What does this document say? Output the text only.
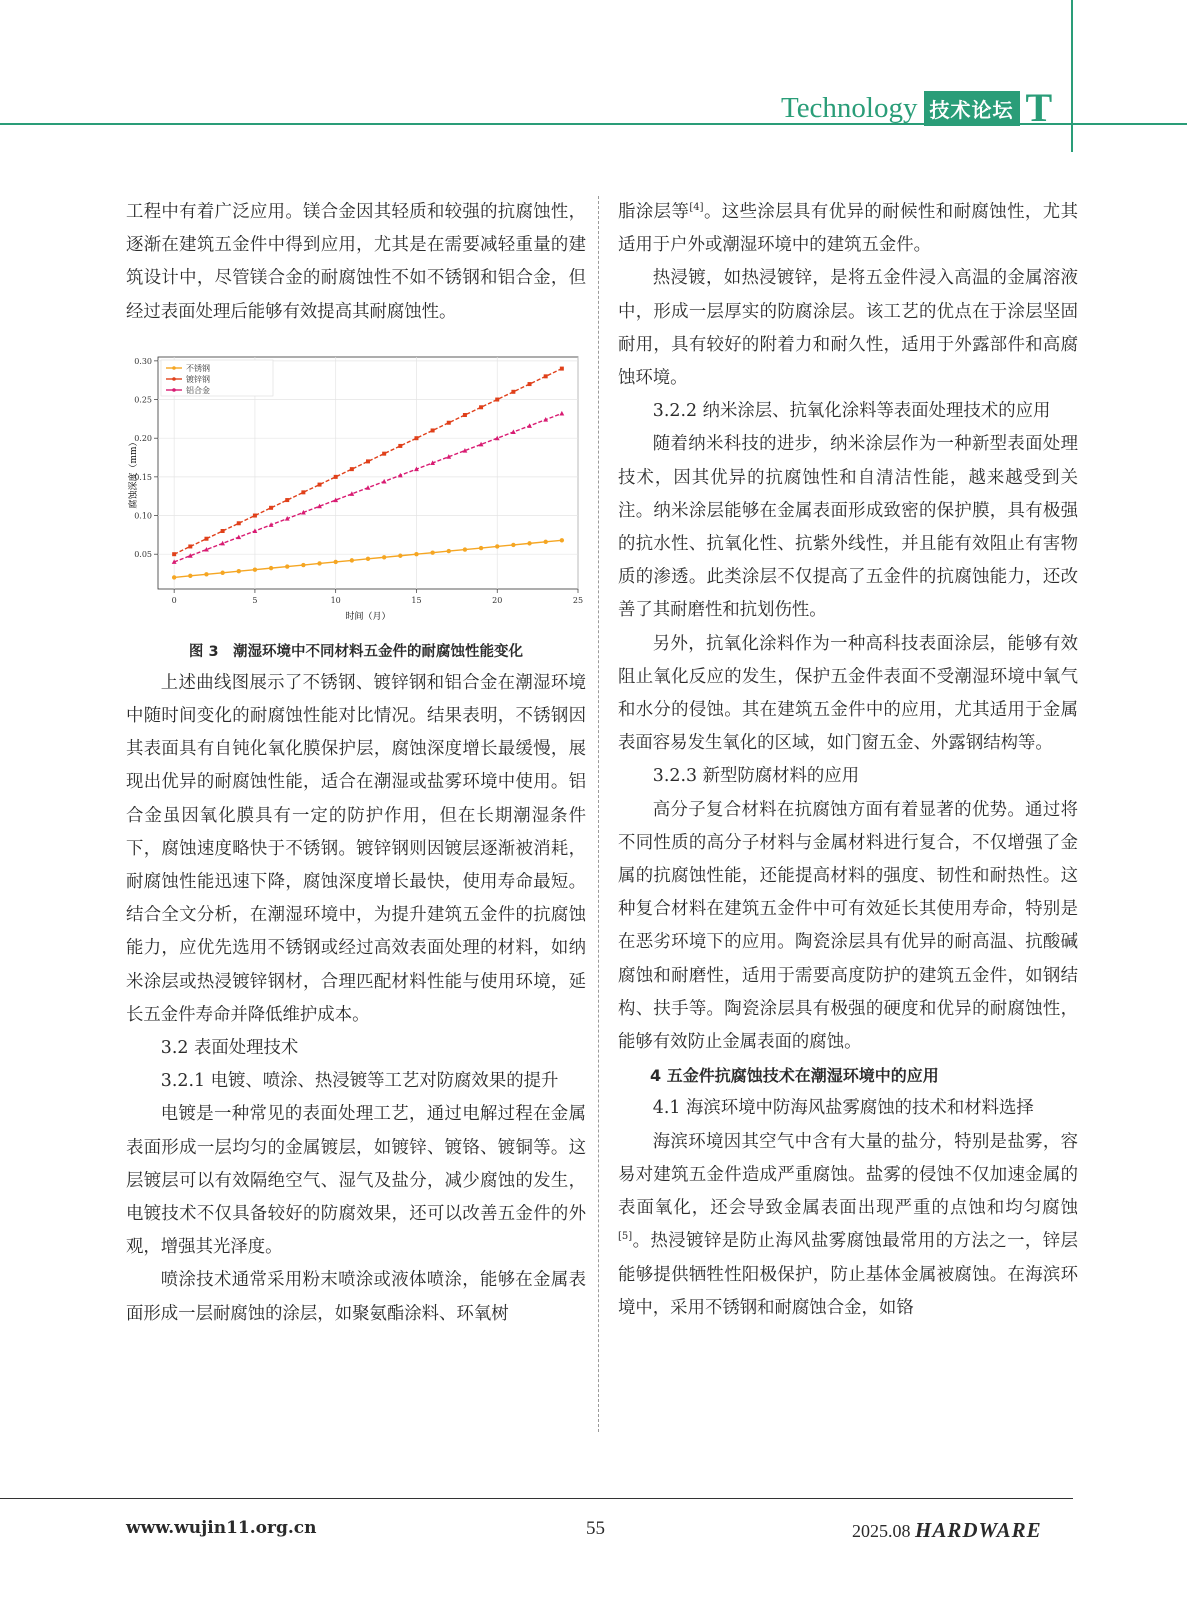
Technology 技术论坛 T

工程中有着广泛应用。镁合金因其轻质和较强的抗腐蚀性，逐渐在建筑五金件中得到应用，尤其是在需要减轻重量的建筑设计中，尽管镁合金的耐腐蚀性不如不锈钢和铝合金，但经过表面处理后能够有效提高其耐腐蚀性。

0	5	10	15	20	25
0.05
0.10
0.15
0.20
0.25
0.30
不锈钢
镀锌钢
铝合金
时间（月）
腐蚀深度（mm）

图 3　潮湿环境中不同材料五金件的耐腐蚀性能变化

上述曲线图展示了不锈钢、镀锌钢和铝合金在潮湿环境中随时间变化的耐腐蚀性能对比情况。结果表明，不锈钢因其表面具有自钝化氧化膜保护层，腐蚀深度增长最缓慢，展现出优异的耐腐蚀性能，适合在潮湿或盐雾环境中使用。铝合金虽因氧化膜具有一定的防护作用，但在长期潮湿条件下，腐蚀速度略快于不锈钢。镀锌钢则因镀层逐渐被消耗，耐腐蚀性能迅速下降，腐蚀深度增长最快，使用寿命最短。结合全文分析，在潮湿环境中，为提升建筑五金件的抗腐蚀能力，应优先选用不锈钢或经过高效表面处理的材料，如纳米涂层或热浸镀锌钢材，合理匹配材料性能与使用环境，延长五金件寿命并降低维护成本。

3.2 表面处理技术

3.2.1 电镀、喷涂、热浸镀等工艺对防腐效果的提升

电镀是一种常见的表面处理工艺，通过电解过程在金属表面形成一层均匀的金属镀层，如镀锌、镀铬、镀铜等。这层镀层可以有效隔绝空气、湿气及盐分，减少腐蚀的发生，电镀技术不仅具备较好的防腐效果，还可以改善五金件的外观，增强其光泽度。

喷涂技术通常采用粉末喷涂或液体喷涂，能够在金属表面形成一层耐腐蚀的涂层，如聚氨酯涂料、环氧树

脂涂层等[4]。这些涂层具有优异的耐候性和耐腐蚀性，尤其适用于户外或潮湿环境中的建筑五金件。

热浸镀，如热浸镀锌，是将五金件浸入高温的金属溶液中，形成一层厚实的防腐涂层。该工艺的优点在于涂层坚固耐用，具有较好的附着力和耐久性，适用于外露部件和高腐蚀环境。

3.2.2 纳米涂层、抗氧化涂料等表面处理技术的应用

随着纳米科技的进步，纳米涂层作为一种新型表面处理技术，因其优异的抗腐蚀性和自清洁性能，越来越受到关注。纳米涂层能够在金属表面形成致密的保护膜，具有极强的抗水性、抗氧化性、抗紫外线性，并且能有效阻止有害物质的渗透。此类涂层不仅提高了五金件的抗腐蚀能力，还改善了其耐磨性和抗划伤性。

另外，抗氧化涂料作为一种高科技表面涂层，能够有效阻止氧化反应的发生，保护五金件表面不受潮湿环境中氧气和水分的侵蚀。其在建筑五金件中的应用，尤其适用于金属表面容易发生氧化的区域，如门窗五金、外露钢结构等。

3.2.3 新型防腐材料的应用

高分子复合材料在抗腐蚀方面有着显著的优势。通过将不同性质的高分子材料与金属材料进行复合，不仅增强了金属的抗腐蚀性能，还能提高材料的强度、韧性和耐热性。这种复合材料在建筑五金件中可有效延长其使用寿命，特别是在恶劣环境下的应用。陶瓷涂层具有优异的耐高温、抗酸碱腐蚀和耐磨性，适用于需要高度防护的建筑五金件，如钢结构、扶手等。陶瓷涂层具有极强的硬度和优异的耐腐蚀性，能够有效防止金属表面的腐蚀。

4 五金件抗腐蚀技术在潮湿环境中的应用

4.1 海滨环境中防海风盐雾腐蚀的技术和材料选择

海滨环境因其空气中含有大量的盐分，特别是盐雾，容易对建筑五金件造成严重腐蚀。盐雾的侵蚀不仅加速金属的表面氧化，还会导致金属表面出现严重的点蚀和均匀腐蚀[5]。热浸镀锌是防止海风盐雾腐蚀最常用的方法之一，锌层能够提供牺牲性阳极保护，防止基体金属被腐蚀。在海滨环境中，采用不锈钢和耐腐蚀合金，如铬

www.wujin11.org.cn	55	2025.08 HARDWARE
